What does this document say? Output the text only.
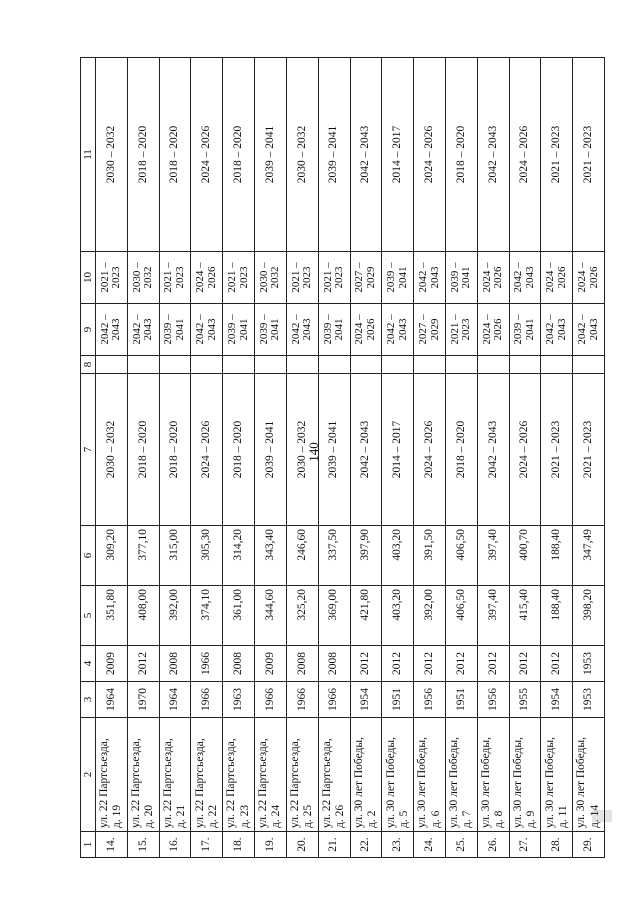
140
1	2	3	4	5	6	7	8	9	10	11
14.	ул. 22 Партсъезда, д. 19	1964	2009	351,80	309,20	2030 – 2032		2042 – 2043	2021 – 2023	2030 – 2032
15.	ул. 22 Партсъезда, д. 20	1970	2012	408,00	377,10	2018 – 2020		2042 – 2043	2030 – 2032	2018 – 2020
16.	ул. 22 Партсъезда, д. 21	1964	2008	392,00	315,00	2018 – 2020		2039 – 2041	2021 – 2023	2018 – 2020
17.	ул. 22 Партсъезда, д. 22	1966	1966	374,10	305,30	2024 – 2026		2042 – 2043	2024 – 2026	2024 – 2026
18.	ул. 22 Партсъезда, д. 23	1963	2008	361,00	314,20	2018 – 2020		2039 – 2041	2021 – 2023	2018 – 2020
19.	ул. 22 Партсъезда, д. 24	1966	2009	344,60	343,40	2039 – 2041		2039 – 2041	2030 – 2032	2039 – 2041
20.	ул. 22 Партсъезда, д. 25	1966	2008	325,20	246,60	2030 – 2032		2042 – 2043	2021 – 2023	2030 – 2032
21.	ул. 22 Партсъезда, д. 26	1966	2008	369,00	337,50	2039 – 2041		2039 – 2041	2021 – 2023	2039 – 2041
22.	ул. 30 лет Победы, д. 2	1954	2012	421,80	397,90	2042 – 2043		2024 – 2026	2027 – 2029	2042 – 2043
23.	ул. 30 лет Победы, д. 5	1951	2012	403,20	403,20	2014 – 2017		2042 – 2043	2039 – 2041	2014 – 2017
24.	ул. 30 лет Победы, д. 6	1956	2012	392,00	391,50	2024 – 2026		2027 – 2029	2042 – 2043	2024 – 2026
25.	ул. 30 лет Победы, д. 7	1951	2012	406,50	406,50	2018 – 2020		2021 – 2023	2039 – 2041	2018 – 2020
26.	ул. 30 лет Победы, д. 8	1956	2012	397,40	397,40	2042 – 2043		2024 – 2026	2024 – 2026	2042 – 2043
27.	ул. 30 лет Победы, д. 9	1955	2012	415,40	400,70	2024 – 2026		2039 – 2041	2042 – 2043	2024 – 2026
28.	ул. 30 лет Победы, д. 11	1954	2012	188,40	188,40	2021 – 2023		2042 – 2043	2024 – 2026	2021 – 2023
29.	ул. 30 лет Победы, д. 14	1953	1953	398,20	347,49	2021 – 2023		2042 – 2043	2024 – 2026	2021 – 2023
